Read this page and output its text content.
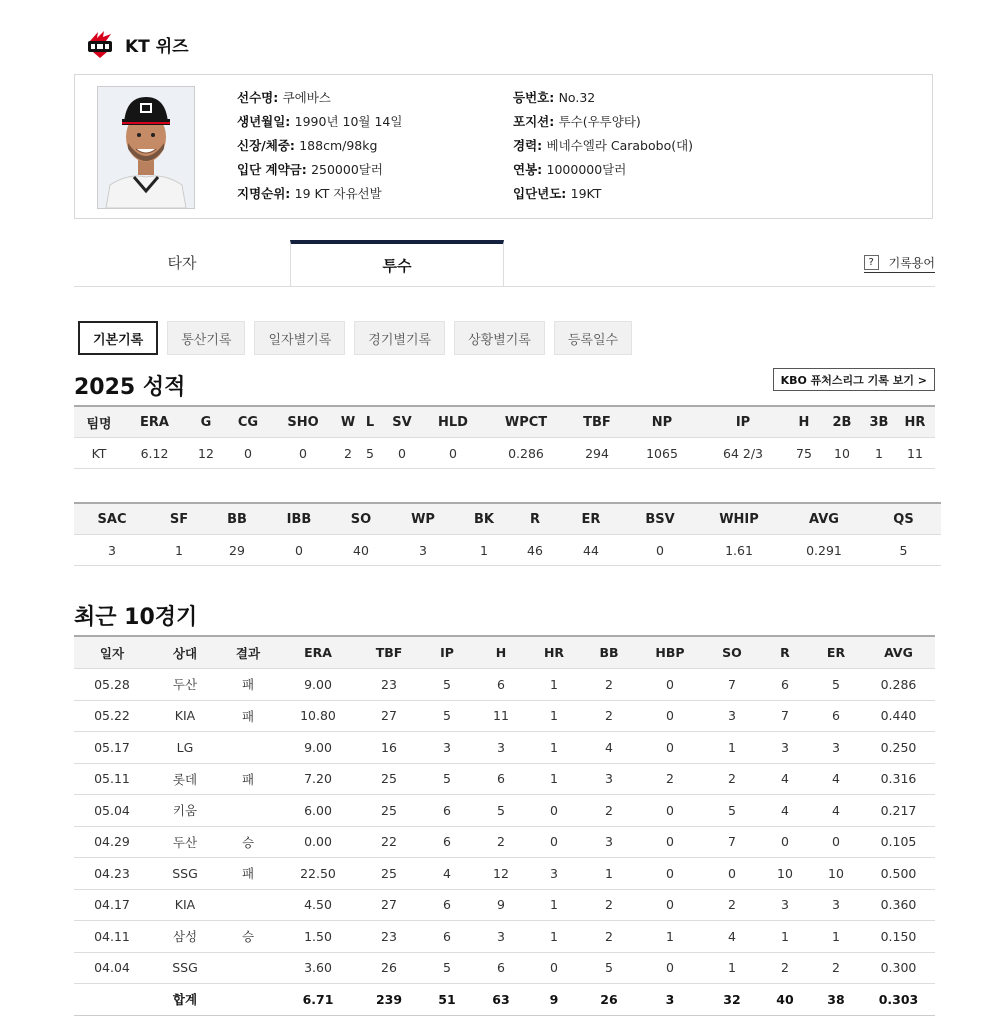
KT 위즈
선수명: 쿠에바스
생년월일: 1990년 10월 14일
신장/체중: 188cm/98kg
입단 계약금: 250000달러
지명순위: 19 KT 자유선발
등번호: No.32
포지션: 투수(우투양타)
경력: 베네수엘라 Carabobo(대)
연봉: 1000000달러
입단년도: 19KT
타자	투수	?	기록용어
기본기록	통산기록	일자별기록	경기별기록	상황별기록	등록일수
2025 성적	KBO 퓨처스리그 기록 보기 >
팀명	ERA	G	CG	SHO	W	L	SV	HLD	WPCT	TBF	NP	IP	H	2B	3B	HR
KT	6.12	12	0	0	2	5	0	0	0.286	294	1065	64 2/3	75	10	1	11
SAC	SF	BB	IBB	SO	WP	BK	R	ER	BSV	WHIP	AVG	QS
3	1	29	0	40	3	1	46	44	0	1.61	0.291	5
최근 10경기
일자	상대	결과	ERA	TBF	IP	H	HR	BB	HBP	SO	R	ER	AVG
05.28	두산	패	9.00	23	5	6	1	2	0	7	6	5	0.286
05.22	KIA	패	10.80	27	5	11	1	2	0	3	7	6	0.440
05.17	LG		9.00	16	3	3	1	4	0	1	3	3	0.250
05.11	롯데	패	7.20	25	5	6	1	3	2	2	4	4	0.316
05.04	키움		6.00	25	6	5	0	2	0	5	4	4	0.217
04.29	두산	승	0.00	22	6	2	0	3	0	7	0	0	0.105
04.23	SSG	패	22.50	25	4	12	3	1	0	0	10	10	0.500
04.17	KIA		4.50	27	6	9	1	2	0	2	3	3	0.360
04.11	삼성	승	1.50	23	6	3	1	2	1	4	1	1	0.150
04.04	SSG		3.60	26	5	6	0	5	0	1	2	2	0.300
	합계		6.71	239	51	63	9	26	3	32	40	38	0.303
